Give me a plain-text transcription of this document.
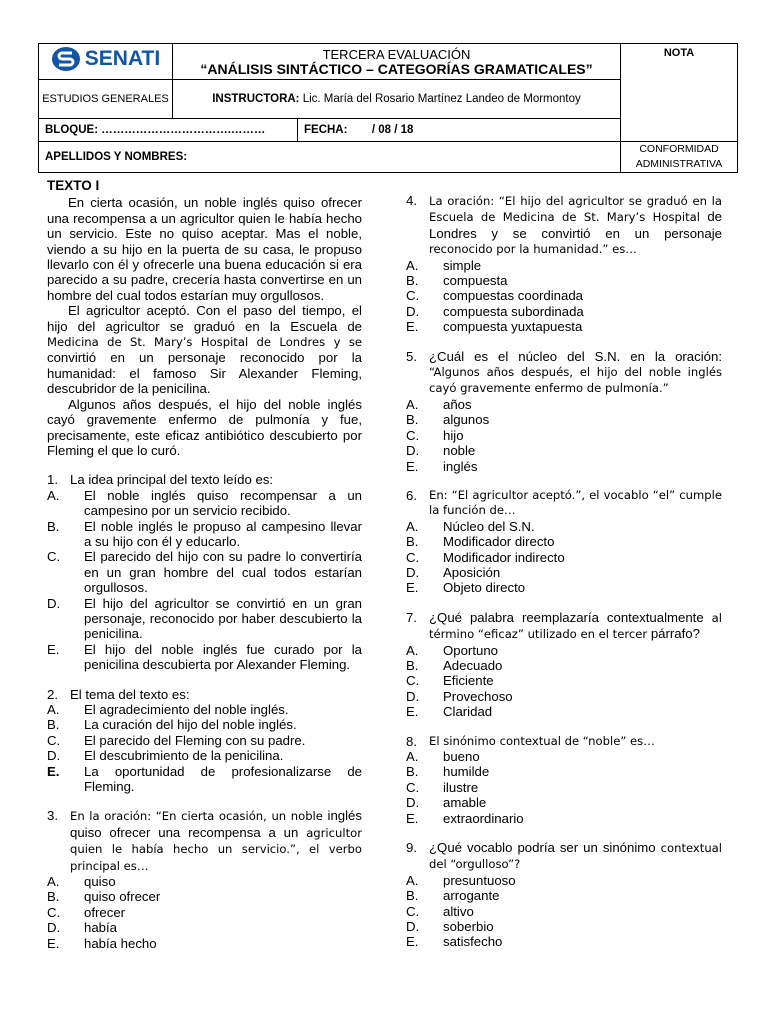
SENATI	TERCERA EVALUACIÓN
“ANÁLISIS SINTÁCTICO – CATEGORÍAS GRAMATICALES”		NOTA

ESTUDIOS GENERALES	INSTRUCTORA: Lic. María del Rosario Martínez Landeo de Mormontoy		
BLOQUE: …………………………….………		FECHA: / 08 / 18	
APELLIDOS Y NOMBRES:			CONFORMIDAD
ADMINISTRATIVA
TEXTO I

En cierta ocasión, un noble inglés quiso ofrecer una recompensa a un agricultor quien le había hecho un servicio. Este no quiso aceptar. Mas el noble, viendo a su hijo en la puerta de su casa, le propuso llevarlo con él y ofrecerle una buena educación si era parecido a su padre, crecería hasta convertirse en un hombre del cual todos estarían muy orgullosos.

El agricultor aceptó. Con el paso del tiempo, el hijo del agricultor se graduó en la Escuela de Medicina de St. Mary’s Hospital de Londres y se convirtió en un personaje reconocido por la humanidad: el famoso Sir Alexander Fleming, descubridor de la penicilina.

Algunos años después, el hijo del noble inglés cayó gravemente enfermo de pulmonía y fue, precisamente, este eficaz antibiótico descubierto por Fleming el que lo curó.

1. La idea principal del texto leído es:
A.	El noble inglés quiso recompensar a un campesino por un servicio recibido.
B.	El noble inglés le propuso al campesino llevar a su hijo con él y educarlo.
C.	El parecido del hijo con su padre lo convertiría en un gran hombre del cual todos estarían orgullosos.
D.	El hijo del agricultor se convirtió en un gran personaje, reconocido por haber descubierto la penicilina.
E.	El hijo del noble inglés fue curado por la penicilina descubierta por Alexander Fleming.
2. El tema del texto es:
A.	El agradecimiento del noble inglés.
B.	La curación del hijo del noble inglés.
C.	El parecido del Fleming con su padre.
D.	El descubrimiento de la penicilina.
E.	La oportunidad de profesionalizarse de Fleming.
3.	En la oración: “En cierta ocasión, un noble inglés quiso ofrecer una recompensa a un agricultor quien le había hecho un servicio.”, el verbo principal es…
A.	quiso
B.	quiso ofrecer
C.	ofrecer
D.	había
E.	había hecho
4.	La oración: “El hijo del agricultor se graduó en la Escuela de Medicina de St. Mary’s Hospital de Londres y se convirtió en un personaje reconocido por la humanidad.” es…
A.	simple
B.	compuesta
C.	compuestas coordinada
D.	compuesta subordinada
E.	compuesta yuxtapuesta
5. ¿Cuál es el núcleo del S.N. en la oración: “Algunos años después, el hijo del noble inglés cayó gravemente enfermo de pulmonía.”
A.	años
B.	algunos
C.	hijo
D.	noble
E.	inglés
6.	En: “El agricultor aceptó.”, el vocablo “el” cumple la función de…
A.	Núcleo del S.N.
B.	Modificador directo
C.	Modificador indirecto
D.	Aposición
E.	Objeto directo
7. ¿Qué palabra reemplazaría contextualmente al término “eficaz” utilizado en el tercer párrafo?
A.	Oportuno
B.	Adecuado
C.	Eficiente
D.	Provechoso
E.	Claridad
8.	El sinónimo contextual de “noble” es…
A.	bueno
B.	humilde
C.	ilustre
D.	amable
E.	extraordinario
9. ¿Qué vocablo podría ser un sinónimo contextual del “orgulloso”?
A.	presuntuoso
B.	arrogante
C.	altivo
D.	soberbio
E.	satisfecho
